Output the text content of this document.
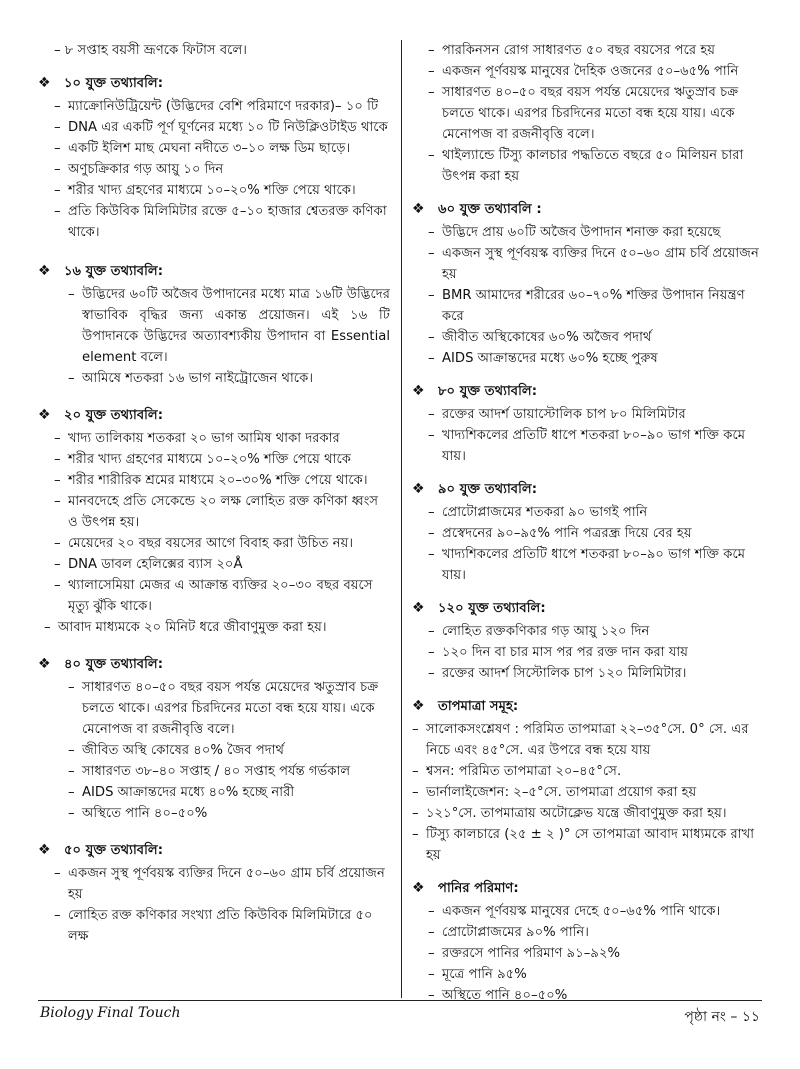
– ৮ সপ্তাহ বয়সী ভ্রূণকে ফিটাস বলে।
❖ ১০ যুক্ত তথ্যাবলি:
– ম্যাক্রোনিউট্রিয়েন্ট (উদ্ভিদের বেশি পরিমাণে দরকার)– ১০ টি
– DNA এর একটি পূর্ণ ঘূর্ণনের মধ্যে ১০ টি নিউক্লিওটাইড থাকে
– একটি ইলিশ মাছ মেঘনা নদীতে ৩–১০ লক্ষ ডিম ছাড়ে।
– অণুচক্রিকার গড় আয়ু ১০ দিন
– শরীর খাদ্য গ্রহণের মাধ্যমে ১০–২০% শক্তি পেয়ে থাকে।
– প্রতি কিউবিক মিলিমিটার রক্তে ৫–১০ হাজার শ্বেতরক্ত কণিকা থাকে।
❖ ১৬ যুক্ত তথ্যাবলি:
– উদ্ভিদের ৬০টি অজৈব উপাদানের মধ্যে মাত্র ১৬টি উদ্ভিদের স্বাভাবিক বৃদ্ধির জন্য একান্ত প্রয়োজন। এই ১৬ টি উপাদানকে উদ্ভিদের অত্যাবশ্যকীয় উপাদান বা Essential element বলে।
– আমিষে শতকরা ১৬ ভাগ নাইট্রোজেন থাকে।
❖ ২০ যুক্ত তথ্যাবলি:
– খাদ্য তালিকায় শতকরা ২০ ভাগ আমিষ থাকা দরকার
– শরীর খাদ্য গ্রহণের মাধ্যমে ১০–২০% শক্তি পেয়ে থাকে
– শরীর শারীরিক শ্রমের মাধ্যমে ২০–৩০% শক্তি পেয়ে থাকে।
– মানবদেহে প্রতি সেকেন্ডে ২০ লক্ষ লোহিত রক্ত কণিকা ধ্বংস ও উৎপন্ন হয়।
– মেয়েদের ২০ বছর বয়সের আগে বিবাহ করা উচিত নয়।
– DNA ডাবল হেলিক্সের ব্যাস ২০Å
– থ্যালাসেমিয়া মেজর এ আক্রান্ত ব্যক্তির ২০–৩০ বছর বয়সে মৃত্যু ঝুঁকি থাকে।
– আবাদ মাধ্যমকে ২০ মিনিট ধরে জীবাণুমুক্ত করা হয়।
❖ ৪০ যুক্ত তথ্যাবলি:
– সাধারণত ৪০–৫০ বছর বয়স পর্যন্ত মেয়েদের ঋতুস্রাব চক্র চলতে থাকে। এরপর চিরদিনের মতো বন্ধ হয়ে যায়। একে মেনোপজ বা রজনীবৃত্তি বলে।
– জীবিত অস্থি কোষের ৪০% জৈব পদার্থ
– সাধারণত ৩৮–৪০ সপ্তাহ / ৪০ সপ্তাহ পর্যন্ত গর্ভকাল
– AIDS আক্রান্তদের মধ্যে ৪০% হচ্ছে নারী
– অস্থিতে পানি ৪০–৫০%
❖ ৫০ যুক্ত তথ্যাবলি:
– একজন সুস্থ পূর্ণবয়স্ক ব্যক্তির দিনে ৫০–৬০ গ্রাম চর্বি প্রয়োজন হয়
– লোহিত রক্ত কণিকার সংখ্যা প্রতি কিউবিক মিলিমিটারে ৫০ লক্ষ
– পারকিনসন রোগ সাধারণত ৫০ বছর বয়সের পরে হয়
– একজন পূর্ণবয়স্ক মানুষের দৈহিক ওজনের ৫০–৬৫% পানি
– সাধারণত ৪০–৫০ বছর বয়স পর্যন্ত মেয়েদের ঋতুস্রাব চক্র চলতে থাকে। এরপর চিরদিনের মতো বন্ধ হয়ে যায়। একে মেনোপজ বা রজনীবৃত্তি বলে।
– থাইল্যান্ডে টিস্যু কালচার পদ্ধতিতে বছরে ৫০ মিলিয়ন চারা উৎপন্ন করা হয়
❖ ৬০ যুক্ত তথ্যাবলি :
– উদ্ভিদে প্রায় ৬০টি অজৈব উপাদান শনাক্ত করা হয়েছে
– একজন সুস্থ পূর্ণবয়স্ক ব্যক্তির দিনে ৫০–৬০ গ্রাম চর্বি প্রয়োজন হয়
– BMR আমাদের শরীরের ৬০–৭০% শক্তির উপাদান নিয়ন্ত্রণ করে
– জীবীত অস্থিকোষের ৬০% অজৈব পদার্থ
– AIDS আক্রান্তদের মধ্যে ৬০% হচ্ছে পুরুষ
❖ ৮০ যুক্ত তথ্যাবলি:
– রক্তের আদর্শ ডায়াস্টোলিক চাপ ৮০ মিলিমিটার
– খাদ্যশিকলের প্রতিটি ধাপে শতকরা ৮০–৯০ ভাগ শক্তি কমে যায়।
❖ ৯০ যুক্ত তথ্যাবলি:
– প্রোটোপ্লাজমের শতকরা ৯০ ভাগই পানি
– প্রস্বেদনের ৯০–৯৫% পানি পত্ররন্ধ্র দিয়ে বের হয়
– খাদ্যশিকলের প্রতিটি ধাপে শতকরা ৮০–৯০ ভাগ শক্তি কমে যায়।
❖ ১২০ যুক্ত তথ্যাবলি:
– লোহিত রক্তকণিকার গড় আয়ু ১২০ দিন
– ১২০ দিন বা চার মাস পর পর রক্ত দান করা যায়
– রক্তের আদর্শ সিস্টোলিক চাপ ১২০ মিলিমিটার।
❖ তাপমাত্রা সমূহ:
– সালোকসংশ্লেষণ : পরিমিত তাপমাত্রা ২২–৩৫°সে. 0° সে. এর নিচে এবং ৪৫°সে. এর উপরে বন্ধ হয়ে যায়
– শ্বসন: পরিমিত তাপমাত্রা ২০–৪৫°সে.
– ভার্নালাইজেশন: ২–৫°সে. তাপমাত্রা প্রয়োগ করা হয়
– ১২১°সে. তাপমাত্রায় অটোক্লেভ যন্ত্রে জীবাণুমুক্ত করা হয়।
– টিস্যু কালচারে (২৫ ± ২ )° সে তাপমাত্রা আবাদ মাধ্যমকে রাখা হয়
❖ পানির পরিমাণ:
– একজন পূর্ণবয়স্ক মানুষের দেহে ৫০–৬৫% পানি থাকে।
– প্রোটোপ্লাজমের ৯০% পানি।
– রক্তরসে পানির পরিমাণ ৯১–৯২%
– মূত্রে পানি ৯৫%
– অস্থিতে পানি ৪০–৫০%
Biology Final Touch	পৃষ্ঠা নং – ১১
